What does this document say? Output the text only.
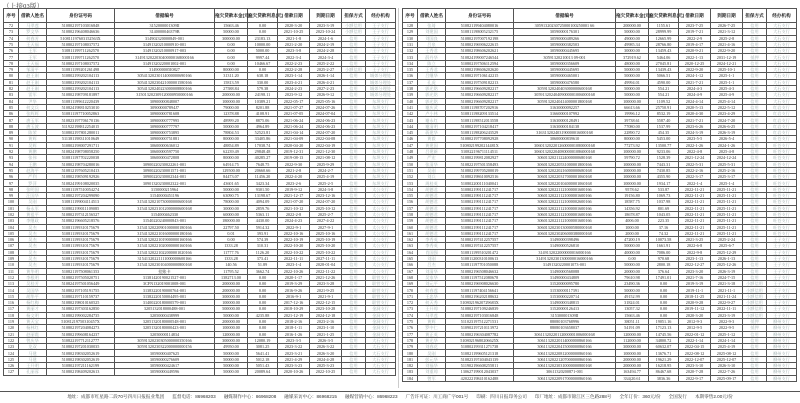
（上接03版）
序号	借款人姓名	身份证号码	借据编号	拖欠贷款本金(元)	拖欠贷款利息(元)	借款日期	到期日期	担保方式	经办机构
72	马翠莲	510802197103016848	3152000001309II	15663.46	0.00	2020-3-20	2023-3-19	小额信用	王子支行
73	罗文华	510802196408046636	3140000046379B	50000.00	0.00	2021-10-25	2023-10-24	小额信用	王子支行
74	何春芳	510811197603152563X	314902320000849-001	300000.00	23183.13	2021-1-8	2024-1-6	信用	王子支行
75	王天福	510802197108037572	31491320210000910-001	0.00	10000.00	2021-2-20	2024-2-19	信用	王子支行
76	王军	510811199711262570	31491320210000917-003	0.00	5000.00	2023-3-8	2024-2-28	信用	王子支行
77	王军	510811199711262570	3149132022030400000168000166	0.00	9997.44	2022-3-4	2024-3-4	信用	王子支行
78	王天福	510802197108037572	31491320220001002-001	0.00	10466.67	2022-2-23	2025-2-22	信用	王子支行
79	邹清平	510811199201261498	3149000005I0827	80000.00	0.00	2022-2-28	2025-2-27	小额信用	王子支行
80	赵王刚	510802199202104113	30541320230114000000690166	31311.20	638.18	2023-1-14	2026-1-14	信用	城郊分理处
81	赵王刚	510802199202104113	30541320230421000001580166	15813.59	330.00	2023-4-21	2026-4-21	信用	城郊分理处
82	赵王刚	510802199202104113	30541320240223000008800166	27588.84	579.38	2024-2-23	2027-2-23	信用	城郊分理处
83	雷军	510802198709181897	315013202309120000950000166	200000.00	24198.11	2023-9-12	2026-9-12	信用	城郊分理处
84	尹华	510811199612220439	30900000848007	100000.00	10389.21	2022-05-17	2025-05-16	信用	东坝支行
85	何文兵	510824198810253010	309000007894J7	79000.00	8201.88	2021-07-27	2024-07-26	信用	东坝支行
86	张辉辉	510811197710052863	30900000781608	12378.88	4108.91	2021-07-05	2024-07-04	信用	东坝支行
87	唐玉军	510823197706170136	30900000777995	48999.20	8875.06	2021-06-24	2024-06-23	信用	东坝支行
88	唐玉波	511922198812254015	30900000777797	50000.00	4964.89	2021-06-24	2024-06-23	信用	东坝支行
89	陈荣	510802197801280011	30900000753895	78804.53	52523.81	2021-04-14	2024-07-20	信用	东坝支行
90	黄辉	511381198311010649	30900000751881	80000.00	33405.86	2021-04-09	2022-04-08	信用	东坝支行
91	吴辉	510802198007291711	30600000636012	48854.89	17038.74	2020-04-20	2022-04-19	信用	东坝支行
92	黄鹏	510824198708058250	30600000597750	62239.49	29848.48	2019-12-31	2021-12-30	信用	东坝支行
93	张伟	510811197702220038	30600000472808	80000.00	40285.27	2019-08-13	2021-08-12	信用	东坝支行
94	王鹏	510802198704280016	30900220230022261-001	64914.75	7648.75	2022-9-30	2025-9-29	信用	东坝支行
95	赵海平	510812197605210413	30900220230001571-001	129500.00	20660.66	2021-2-8	2024-2-7	信用	东坝支行
96	严利	510802198509192926	30900220230002344-001	84473.07	11456.20	2022-4-20	2025-4-19	信用	东坝支行
97	罗萍	510824199108020035	30901320230002322-001	43601.65	3423.34	2023-2-6	2025-2-5	信用	东坝支行
98	张明国	510811197510054274	3150000215964	50000.00	9301.50	2019-9-12	2024-3-8	信用	太公支行
99	汪国华	510802197204299090	31540000451196	63090.75	13198.67	2021-12-17	2023-12-16	信用	太公支行
100	吴刚	510811199004114513	31541320210730000000600168	78000.00	4094.09	2021-07-20	2024-07-20	信用	太公支行
101	杨永军	510802199011109085	31541320231012000000600168	30000.00	2859.76	2021-10-12	2025-10-12	信用	太公支行
102	黄祖平	510802197312156527	3154000462330	60000.00	5363.11	2022-2-8	2025-2-7	信用	太公支行
103	李继政	510802196605218576	31540220240000843-001	180000.00	4430.00	2024-4-23	2027-4-22	信用	太公支行
104	吴杰	510811199310175679	31541320220901000000180166	22797.50	5914.32	2022-9-1	2027-9-1	信用	太公支行
105	吴杰	510811199310175679	31541320221016000000180166	0.01	393.91	2022-10-16	2025-10-16	信用	太公支行
106	吴杰	510811199310175679	31541320221019000000160166	0.00	574.39	2022-10-19	2025-10-19	信用	太公支行
107	吴杰	510811199310175679	31541320221020000000160166	1333.28	310.31	2022-10-20	2025-10-20	信用	太公支行
108	吴杰	510811199310175679	31541320221022000001020166	11777.76	1126.20	2022-10-22	2025-10-22	信用	太公支行
109	吴杰	510811199310175679	31541320221111000000600166	1333.28	373.41	2022-11-11	2027-11-11	信用	太公支行
110	吴杰	510811199310175679	31541320230104000000800168	140.56	51.89	2023-1-4	2028-01-04	信用	太公支行
111	黄华明	510821197508061353	挂账卡	11795.52	3662.74	2022-10-26	2022-11-22	信用	太公支行
112	李根明	510802197505020751	31381420190021527-001	1382713.00	0.00	2020-1-17	2021-12-26	信用	联营支行
113	吴桂芳	510824197501056449	3CFN132019001008-001	200000.00	0.00	2019-3-29	2023-3-28	信用	联营支行
114	吴国华	510802197105191755	31383220190000764-001	200000.00	0.00	2016-9-26	2021-9-25	信用	联营支行
115	胡华平	510802197110159737	31382220150004495-001	300000.00	0.00	2016-9-1	2021-9-1	信用	联营支行
116	杨红梅	510802198010160525	31400220180000579-001	100000.00	0.00	2017-12-16	2022-12-15	信用	联营支行
117	黄丽才	510802197303162850	3205132018000488-001	500000.00	0.00	2018-10-29	2023-10-28	信用	金洞支行
118	杨文明	510802199002284735	32050000438999	50000.00	4235.88	2021-12-19	2024-12-18	信用	金洞支行
119	黄天宝	51081219750310457X	32051320180000548-001	200000.00	0.00	2018-2-16	2023-2-16	信用	金洞支行
120	杨林红	510802197204084273	32051320180000423-001	100000.00	0.00	2018-1-11	2023-1-10	信用	金洞支行
121	赵丽霞	510802199608164237	32050000114834	120000.00	0.00	2016-1-26	2021-1-25	信用	金洞支行
122	曾庆华	510822197712112777	30591320230305000000350166	300000.00	12080.19	2023-3-5	2026-3-5	信用	大石支行
123	龙双	510802197201030035	30591320230322000000000156	49950.00	3081.25	2023-3-22	2026-3-22	信用	大石支行
124	马建	510802198302052619	30590000407625	50000.00	5641.41	2023-3-21	2026-3-20	信用	大石支行
125	马建	510802198302052619	30590000276609	50000.00	5012.18	2021-4-29	2024-4-28	信用	大石支行
126	王开明	510802197211162199	30590000424617	50000.00	5051.43	2023-3-23	2025-3-23	信用	大石支行
127	孔丽蓉	510802198409202613	30590000449596	50000.00	20089.64	2020-10-26	2022-10-25	信用	大石支行
序号	借款人姓名	身份证号码	借据编号	拖欠贷款本金(元)	拖欠贷款利息(元)	借款日期	到期日期	担保方式	经办机构
128	张琦	510821199404080016	30591320230725000100250001 66	200000.00	1155.61	2023-7-25	2026-7-25	信用	大石支行
129	刘建国	510811198005232175	30590000176301	50000.00	28999.99	2019-7-21	2021-3-12	信用	大石支行
130	刘国良	510802197007192198	30590000489266	49000.00	12665.99	2022-2-9	2025-2-8	信用	大石支行
131	吕泉	510802196906222615	30590000382503	49985.34	28766.80	2019-4-17	2021-4-16	信用	大石支行
132	王秀君	510802198606202621	30590000445695	30000.00	13459.43	2020-9-21	2022-9-20	信用	大石支行
133	薛丹华	510824199007246544	30591320210013 09-001	372919.62	5464.06	2022-1-13	2031-12-19	抵押	大石支行
134	陈立	510802197506112594	30590000356609	48000.00	27045.81	2020-12-25	2024-12-21	信用	大石支行
135	王秀君	510802198606202620	30590000445695	50000.00	13439.43	2022-9-20	2025-10-1	信用	大石支行
136	吕继华	510802197106142215	30590000465001	50000.00	5066.51	2024-1-12	2025-1-1	信用	大石支行
137	孔虎	510802197509182213	30590000476580	49994.01	4590.00	2021-7-21	2025-1-1	信用	大石支行
138	郭光铭	510802196609282217	30591320240403000000600168	50000.00	554.21	2024-4-3	2025-4-3	信用	大石支行
139	郭光铭	510802196609282217	30591320240409000001006000168	50000.00	554.21	2024-4-9	2025-4-9	信用	大石支行
140	郭光铭	510802196609282217	30591320240414000001800168	100000.00	1109.52	2024-4-14	2025-4-14	信用	大石支行
141	谢庆武	510811198707202916	31630000092257	66613.66	25750.91	2020-5-13	2022-5-12	信用	红岩支行
142	卢小林	510811198209133514	31660000107992	19996.12	8532.19	2020-4-30	2023-4-29	信用	红岩支行
143	谢永红	510811198512013558	31630000128491	39738.61	5587.40	2021-7-21	2024-7-20	信用	红岩支行
144	谢清明	510802197104218417	31630000184138	77080.00	1537.99	2023-6-26	2026-6-25	信用	红岩支行
145	蒋建华	510811198206243529	316313202403190000016000168	22890.72	454.35	2024-3-19	2026-3-19	信用	红岩支行
146	黄毅	510802197708092928	30600000839610	80000.00	5453.00	2023-5-5	2026-5-4	信用	旺苍支行
147	黄建国	51080219920214481X	30601320220126000001080000168	77273.92	13500.77	2022-1-26	2024-1-26	信用	旺苍支行
148	吕建新	510822196711114511	30601320220408000001086000168	100000.00	9233.06	2022-4-8	2025-4-8	信用	旺苍支行
149	严宏	510802199812082927	30601320211224000000680168	59790.72	1528.39	2021-12-24	2024-12-24	信用	旺苍支行
150	张清华	510822197501358493	30601320220531000001800166	100000.00	7443.31	2022-5-31	2025-5-31	信用	旺苍支行
151	吴刚	510802199705200019	30601320220216000000680168	100000.00	7430.85	2022-2-16	2025-2-16	信用	旺苍支行
152	刘兵	510802198610092516	30601320220317000001060168	100000.00	4355.90	2022-3-17	2025-3-17	信用	旺苍支行
153	周桂英	510802200111040041	30601320220104000001060168	100000.00	1934.17	2022-1-4	2025-1-4	信用	旺苍支行
154	胡德君	510802199111241717	30601320221121000001600166	9578.62	533.87	2022-11-21	2025-11-21	信用	旺苍支行
155	胡德君	510802199111241717	30601320221121000001600166	19156.80	1069.73	2022-11-21	2025-11-21	信用	旺苍支行
156	胡德君	510802199111241717	30601320221121000002600166	18587.75	1037.98	2022-11-21	2025-11-21	信用	旺苍支行
157	胡德君	510802199111241717	30601320221121000001600166	14356.92	801.69	2022-11-21	2025-11-21	信用	旺苍支行
158	胡德君	510802199111241717	30601320221121000001600166	18678.87	1043.05	2022-11-21	2025-11-21	信用	旺苍支行
159	胡德君	510802199111241717	30601320221121000001600166	4006.00	223.35	2022-11-21	2025-11-21	信用	旺苍支行
160	胡德君	510802199111241717	30601320230130000580000168	1000.00	37.16	2022-11-21	2025-11-21	信用	旺苍支行
161	胡德君	510802199111241717	30601320230206000380000168	2000.00	74.32	2022-11-21	2025-11-21	信用	旺苍支行
162	李秀英	510802197412257557	31490000398496	47200.19	10073.58	2021-3-25	2025-2-24	信用	王子支行
163	李秀英	510802197412257557	31490000526810	50000.00	1661.91	2022-6-8	2025-6-7	信用	王子支行
164	肖国强	510811199510201472	3149132022000000016000166	40000.00	7086.00	2022-9-8	2025-12-29	信用	王子支行
165	刘刚	510811200310100613	314913202301300000016000166	0.00	970.68	2023-1-13	2026-1-13	信用	王子支行
166	吕杰	510811197701050088	31491320220001073-001	50000.00	2800.18	2022-12-27	2025-12-26	信用	王子支行
167	刘清华	510802196508046632	31490000568088	20000.00	376.64	2023-3-20	2026-3-19	信用	王子支行
168	吴家华	510811197512080678	31490000434809	79610.98	17491.01	2021-7-16	2024-7-15	信用	王子支行
169	刘元平	510802196908026630	31520000095780	23490.36	0.00	2019-3-19	2021-3-18	小额信用	王子支行
170	何春莲	510811197404156641	31530000117391	50000.00	0.00	2019-11-1	2021-11-1	小额信用	王子支行
171	王忠华	510802196202188632	31530000220714	49152.99	0.00	2018-11-25	2021-11-24	小额信用	王子支行
172	何天秀	51080219620729683X	31490000348815	31824.01	0.00	2020-9-28	2022-9-27	小额信用	王子支行
173	王开琼	510802197109246839	31520000126413	13057.32	0.00	2019-11-12	2022-11-11	小额信用	王子支行
174	马翠莲	510802197103016848	315300001309II	15663.46	0.00	2020-3-20	2023-3-19	小额信用	王子支行
175	黄辉	511023197512271531	88080103768996	38051.11	19051.16	2012-9-3	2022-9-3	抵押	柳州支行
176	罗中仁	510902197210113972	88080103658037	54191.09	17123.13	2012-9-5	2022-9-5	抵押	柳州支行
177	黄正英	510802196304087782	30611320220112000001006000168	120000.00	14745.56	2022-01-12	2025-1-12	信用	柳州支行
178	黄光华	51080219680206625X	30611320220114000000860166	112000.00	34800.72	2022-1-14	2024-1-14	信用	柳州支行
179	刘春花	510802199311271738	30611320220415000000860166	300000.00	60632.07	2022-04-15	2025-4-19	信用	柳州支行
180	吴刚	510821199605121318	30611320220812000000860166	100000.00	13676.71	2022-08-12	2025-08-12	信用	柳州支行
181	彭元华	510823197404043139	30611320221207000000860166	200000.00	19621.29	2022-12-07	2025-12-07	信用	柳州支行
182	刘福华	511902196608255811	30611320230310000000800168	200000.00	16218.95	2023-3-10	2026-3-10	信用	柳州支行
183	刘重琼	130627199012043037	30611320200871-001	163494.77	86467.68	2020-7-28	2022-7-26	信用	柳州支行
184	曾军	420222198410162488	30611320220917000000860166	334(20.61	3836.36	2022-9-17	2025-09-17	信用	柳州支行
地址：成都市红星路二段70号四川日报报业集团 监督电话：86968203 融媒制作中心：86968208 融媒采访中心：86968215 融媒营销中心：86968223 广告许可证：川工商广字001号 印刷：四川日报印务公司 印厂地址：成都市锦江区三色路288号 全年订价：360元/份 全国发行 本期零售2.00元/份
